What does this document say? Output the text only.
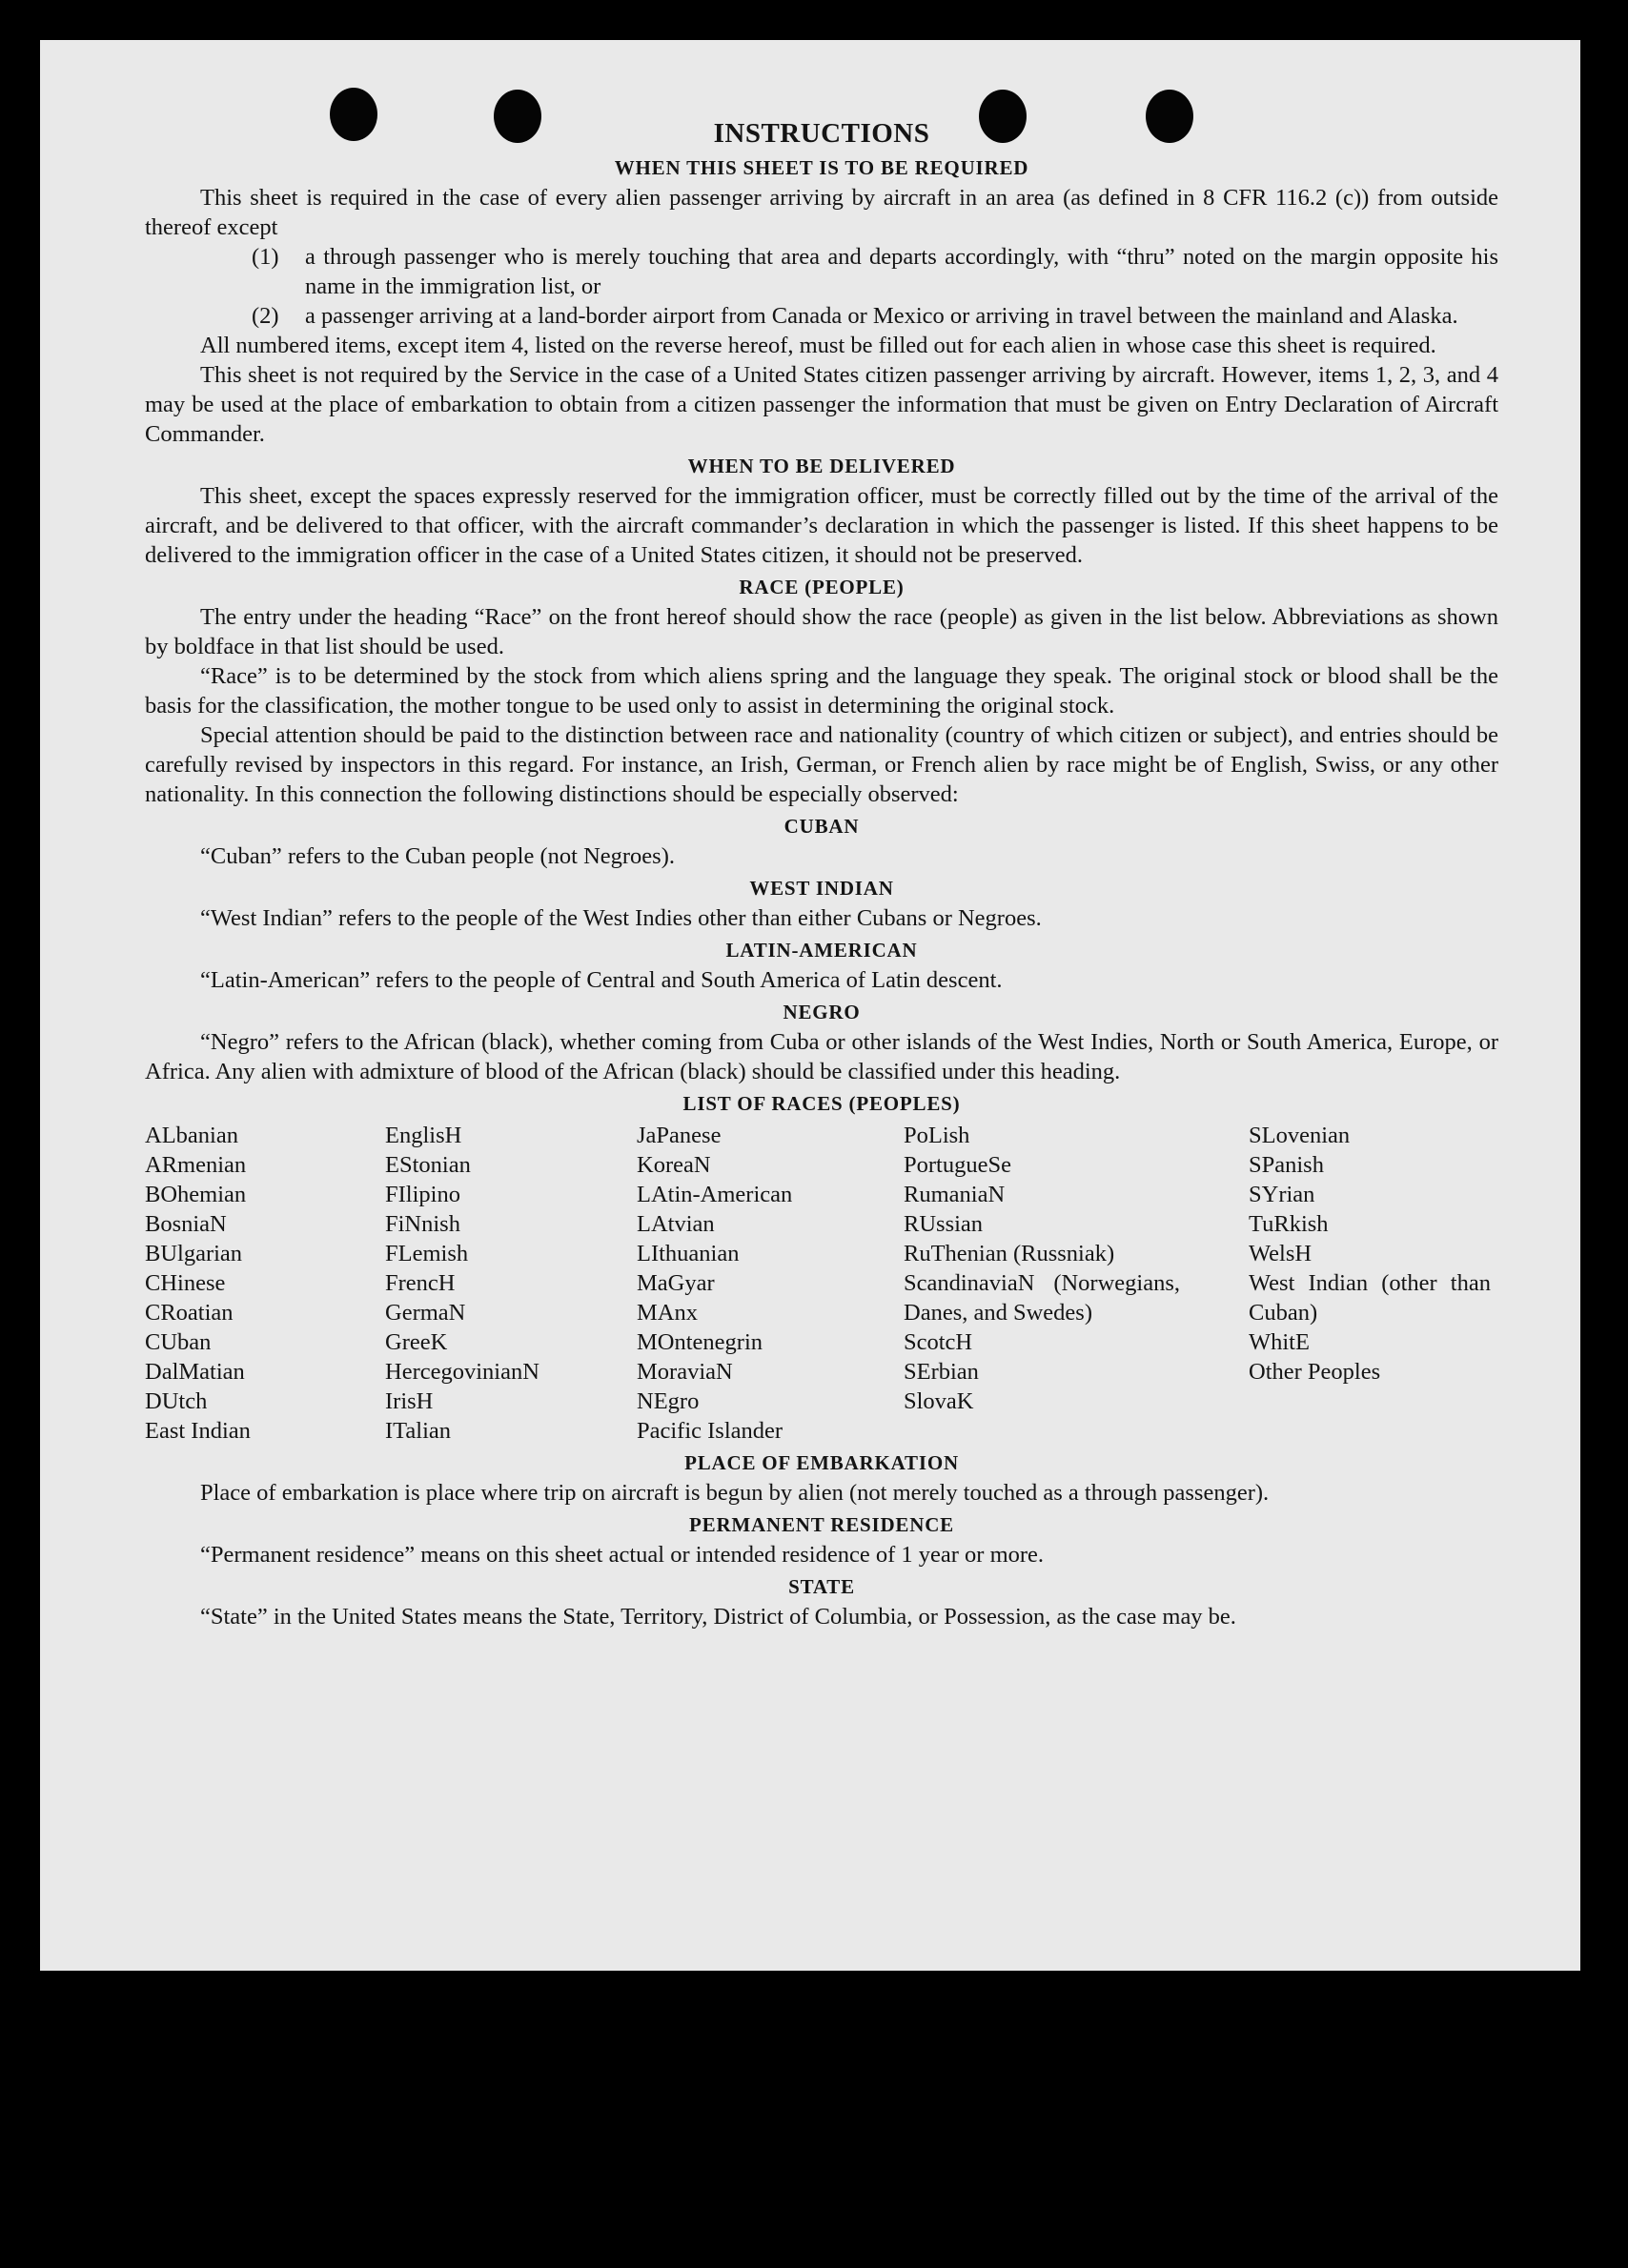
INSTRUCTIONS
WHEN THIS SHEET IS TO BE REQUIRED

This sheet is required in the case of every alien passenger arriving by aircraft in an area (as defined in 8 CFR 116.2 (c)) from outside thereof except

(1)	a through passenger who is merely touching that area and departs accordingly, with “thru” noted on the margin opposite his name in the immigration list, or
(2)	a passenger arriving at a land-border airport from Canada or Mexico or arriving in travel between the mainland and Alaska.

All numbered items, except item 4, listed on the reverse hereof, must be filled out for each alien in whose case this sheet is required.

This sheet is not required by the Service in the case of a United States citizen passenger arriving by aircraft. However, items 1, 2, 3, and 4 may be used at the place of embarkation to obtain from a citizen passenger the information that must be given on Entry Declaration of Aircraft Commander.

WHEN TO BE DELIVERED

This sheet, except the spaces expressly reserved for the immigration officer, must be correctly filled out by the time of the arrival of the aircraft, and be delivered to that officer, with the aircraft commander’s declaration in which the passenger is listed. If this sheet happens to be delivered to the immigration officer in the case of a United States citizen, it should not be preserved.

RACE (PEOPLE)

The entry under the heading “Race” on the front hereof should show the race (people) as given in the list below. Abbreviations as shown by boldface in that list should be used.

“Race” is to be determined by the stock from which aliens spring and the language they speak. The original stock or blood shall be the basis for the classification, the mother tongue to be used only to assist in determining the original stock.

Special attention should be paid to the distinction between race and nationality (country of which citizen or subject), and entries should be carefully revised by inspectors in this regard. For instance, an Irish, German, or French alien by race might be of English, Swiss, or any other nationality. In this connection the following distinctions should be especially observed:

CUBAN

“Cuban” refers to the Cuban people (not Negroes).

WEST INDIAN

“West Indian” refers to the people of the West Indies other than either Cubans or Negroes.

LATIN-AMERICAN

“Latin-American” refers to the people of Central and South America of Latin descent.

NEGRO

“Negro” refers to the African (black), whether coming from Cuba or other islands of the West Indies, North or South America, Europe, or Africa. Any alien with admixture of blood of the African (black) should be classified under this heading.

LIST OF RACES (PEOPLES)
ALbanian
ARmenian
BOhemian
BosniaN
BUlgarian
CHinese
CRoatian
CUban
DalMatian
DUtch
East Indian
EnglisH
EStonian
FIlipino
FiNnish
FLemish
FrencH
GermaN
GreeK
HercegovinianN
IrisH
ITalian
JaPanese
KoreaN
LAtin-American
LAtvian
LIthuanian
MaGyar
MAnx
MOntenegrin
MoraviaN
NEgro
Pacific Islander
PoLish
PortugueSe
RumaniaN
RUssian
RuThenian (Russniak)
ScandinaviaN (Norwegians, Danes, and Swedes)
ScotcH
SErbian
SlovaK
SLovenian
SPanish
SYrian
TuRkish
WelsH
West Indian (other than Cuban)
WhitE
Other Peoples
PLACE OF EMBARKATION

Place of embarkation is place where trip on aircraft is begun by alien (not merely touched as a through passenger).

PERMANENT RESIDENCE

“Permanent residence” means on this sheet actual or intended residence of 1 year or more.

STATE

“State” in the United States means the State, Territory, District of Columbia, or Possession, as the case may be.
